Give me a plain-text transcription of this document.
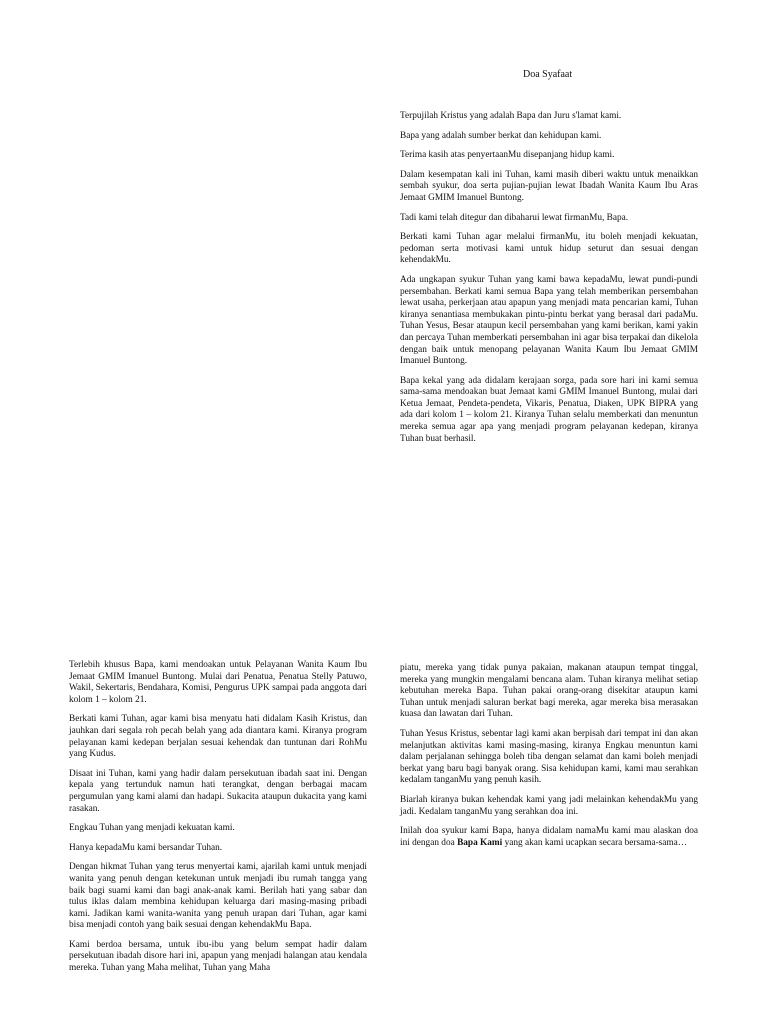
Doa Syafaat

Terpujilah Kristus yang adalah Bapa dan Juru s'lamat kami.

Bapa yang adalah sumber berkat dan kehidupan kami.

Terima kasih atas penyertaanMu disepanjang hidup kami.

Dalam kesempatan kali ini Tuhan, kami masih diberi waktu untuk menaikkan sembah syukur, doa serta pujian-pujian lewat Ibadah Wanita Kaum Ibu Aras Jemaat GMIM Imanuel Buntong.

Tadi kami telah ditegur dan dibaharui lewat firmanMu, Bapa.

Berkati kami Tuhan agar melalui firmanMu, itu boleh menjadi kekuatan, pedoman serta motivasi kami untuk hidup seturut dan sesuai dengan kehendakMu.

Ada ungkapan syukur Tuhan yang kami bawa kepadaMu, lewat pundi-pundi persembahan. Berkati kami semua Bapa yang telah memberikan persembahan lewat usaha, perkerjaan atau apapun yang menjadi mata pencarian kami, Tuhan kiranya senantiasa membukakan pintu-pintu berkat yang berasal dari padaMu. Tuhan Yesus, Besar ataupun kecil persembahan yang kami berikan, kami yakin dan percaya Tuhan memberkati persembahan ini agar bisa terpakai dan dikelola dengan baik untuk menopang pelayanan Wanita Kaum Ibu Jemaat GMIM Imanuel Buntong.

Bapa kekal yang ada didalam kerajaan sorga, pada sore hari ini kami semua sama-sama mendoakan buat Jemaat kami GMIM Imanuel Buntong, mulai dari Ketua Jemaat, Pendeta-pendeta, Vikaris, Penatua, Diaken, UPK BIPRA yang ada dari kolom 1 – kolom 21. Kiranya Tuhan selalu memberkati dan menuntun mereka semua agar apa yang menjadi program pelayanan kedepan, kiranya Tuhan buat berhasil.

Terlebih khusus Bapa, kami mendoakan untuk Pelayanan Wanita Kaum Ibu Jemaat GMIM Imanuel Buntong. Mulai dari Penatua, Penatua Stelly Patuwo, Wakil, Sekertaris, Bendahara, Komisi, Pengurus UPK sampai pada anggota dari kolom 1 – kolom 21.

Berkati kami Tuhan, agar kami bisa menyatu hati didalam Kasih Kristus, dan jauhkan dari segala roh pecah belah yang ada diantara kami. Kiranya program pelayanan kami kedepan berjalan sesuai kehendak dan tuntunan dari RohMu yang Kudus.

Disaat ini Tuhan, kami yang hadir dalam persekutuan ibadah saat ini. Dengan kepala yang tertunduk namun hati terangkat, dengan berbagai macam pergumulan yang kami alami dan hadapi. Sukacita ataupun dukacita yang kami rasakan.

Engkau Tuhan yang menjadi kekuatan kami.

Hanya kepadaMu kami bersandar Tuhan.

Dengan hikmat Tuhan yang terus menyertai kami, ajarilah kami untuk menjadi wanita yang penuh dengan ketekunan untuk menjadi ibu rumah tangga yang baik bagi suami kami dan bagi anak-anak kami. Berilah hati yang sabar dan tulus iklas dalam membina kehidupan keluarga dari masing-masing pribadi kami. Jadikan kami wanita-wanita yang penuh urapan dari Tuhan, agar kami bisa menjadi contoh yang baik sesuai dengan kehendakMu Bapa.

Kami berdoa bersama, untuk ibu-ibu yang belum sempat hadir dalam persekutuan ibadah disore hari ini, apapun yang menjadi halangan atau kendala mereka. Tuhan yang Maha melihat, Tuhan yang Maha

piatu, mereka yang tidak punya pakaian, makanan ataupun tempat tinggal, mereka yang mungkin mengalami bencana alam. Tuhan kiranya melihat setiap kebutuhan mereka Bapa. Tuhan pakai orang-orang disekitar ataupun kami Tuhan untuk menjadi saluran berkat bagi mereka, agar mereka bisa merasakan kuasa dan lawatan dari Tuhan.

Tuhan Yesus Kristus, sebentar lagi kami akan berpisah dari tempat ini dan akan melanjutkan aktivitas kami masing-masing, kiranya Engkau menuntun kami dalam perjalanan sehingga boleh tiba dengan selamat dan kami boleh menjadi berkat yang baru bagi banyak orang. Sisa kehidupan kami, kami mau serahkan kedalam tanganMu yang penuh kasih.

Biarlah kiranya bukan kehendak kami yang jadi melainkan kehendakMu yang jadi. Kedalam tanganMu yang serahkan doa ini.

Inilah doa syukur kami Bapa, hanya didalam namaMu kami mau alaskan doa ini dengan doa Bapa Kami yang akan kami ucapkan secara bersama-sama…
